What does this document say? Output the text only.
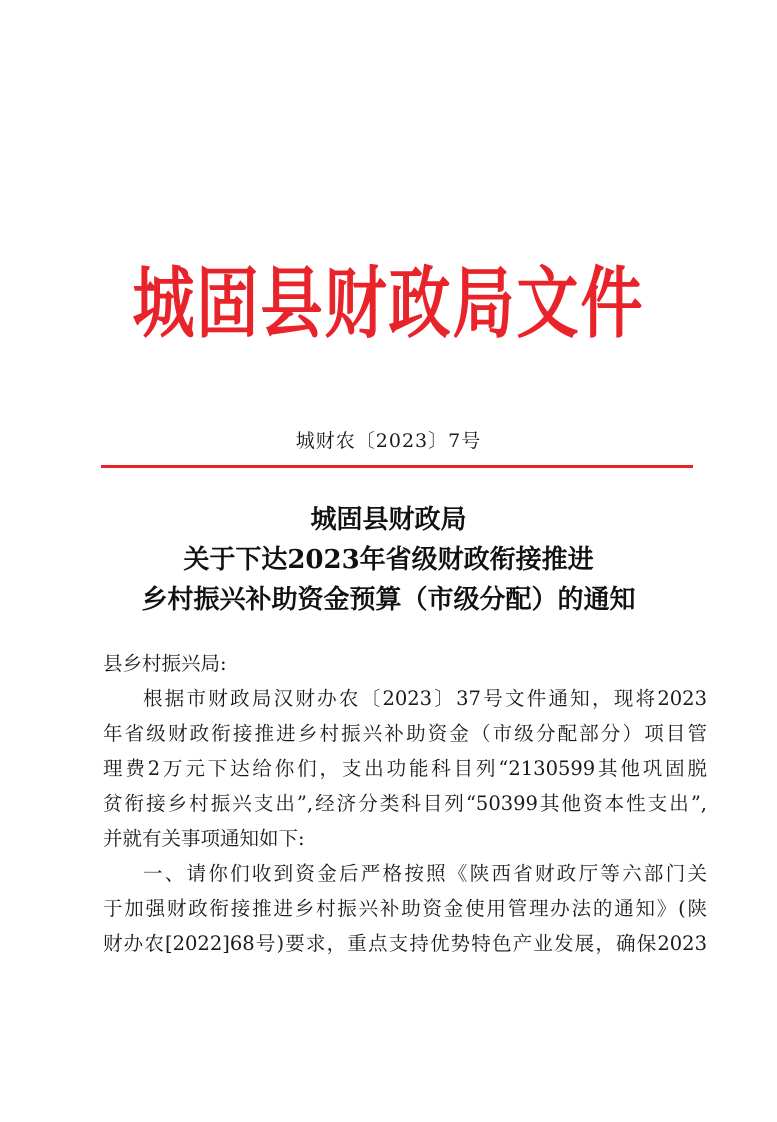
城固县财政局文件
城财农〔2023〕7号
城固县财政局
关于下达2023年省级财政衔接推进
乡村振兴补助资金预算（市级分配）的通知
县乡村振兴局:
根据市财政局汉财办农〔2023〕37号文件通知，现将2023
年省级财政衔接推进乡村振兴补助资金（市级分配部分）项目管
理费2万元下达给你们，支出功能科目列“2130599其他巩固脱
贫衔接乡村振兴支出”,经济分类科目列“50399其他资本性支出”,
并就有关事项通知如下:
一、请你们收到资金后严格按照《陕西省财政厅等六部门关
于加强财政衔接推进乡村振兴补助资金使用管理办法的通知》(陕
财办农[2022]68号)要求，重点支持优势特色产业发展，确保2023
